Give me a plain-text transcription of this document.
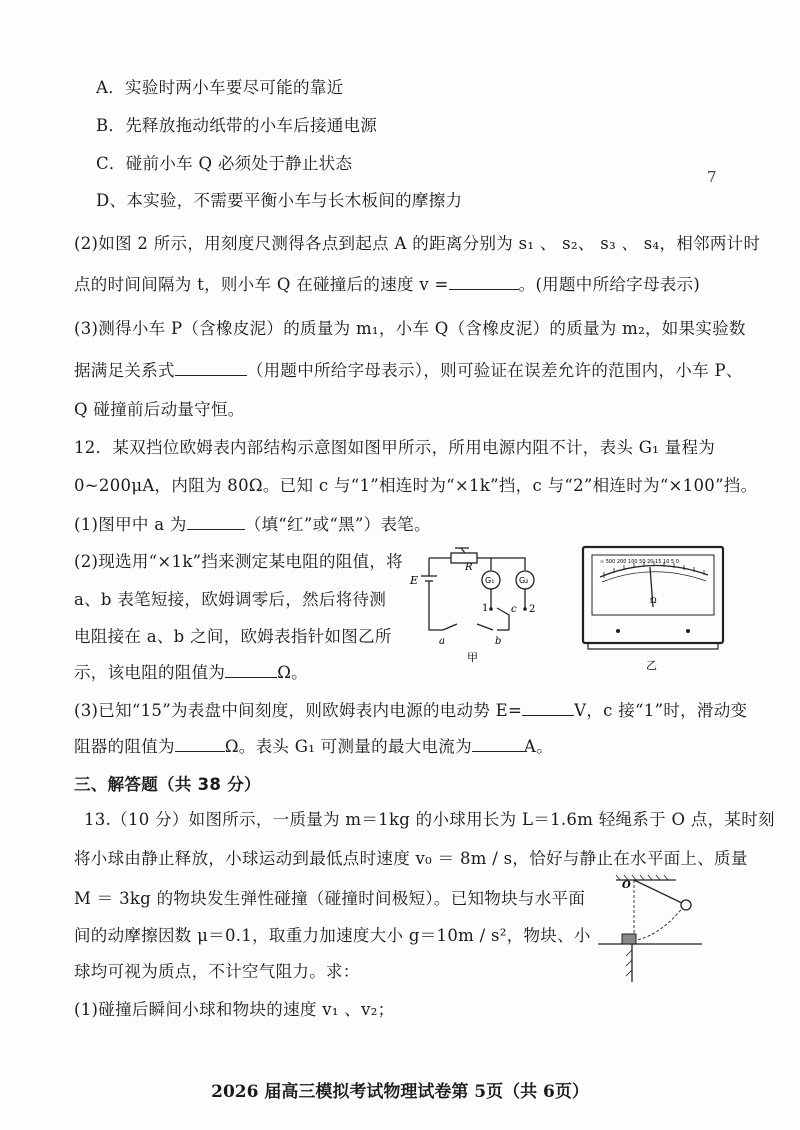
A．实验时两小车要尽可能的靠近
B．先释放拖动纸带的小车后接通电源
C．碰前小车 Q 必须处于静止状态
D、本实验，不需要平衡小车与长木板间的摩擦力
7
(2)如图 2 所示，用刻度尺测得各点到起点 A 的距离分别为 s₁ 、 s₂、 s₃ 、 s₄，相邻两计时
点的时间间隔为 t，则小车 Q 在碰撞后的速度 v =	。(用题中所给字母表示)
(3)测得小车 P（含橡皮泥）的质量为 m₁，小车 Q（含橡皮泥）的质量为 m₂，如果实验数
据满足关系式	（用题中所给字母表示），则可验证在误差允许的范围内，小车 P、
Q 碰撞前后动量守恒。
12．某双挡位欧姆表内部结构示意图如图甲所示，所用电源内阻不计，表头 G₁ 量程为
0~200μA，内阻为 80Ω。已知 c 与“1”相连时为“×1k”挡，c 与“2”相连时为“×100”挡。
(1)图甲中 a 为	（填“红”或“黑”）表笔。
(2)现选用“×1k”挡来测定某电阻的阻值，将
a、b 表笔短接，欧姆调零后，然后将待测
电阻接在 a、b 之间，欧姆表指针如图乙所
示，该电阻的阻值为	Ω。
(3)已知“15”为表盘中间刻度，则欧姆表内电源的电动势 E=	V，c 接“1”时，滑动变
阻器的阻值为	Ω。表头 G₁ 可测量的最大电流为	A。
E
R
G₁	G₂
1 c 2
a	b
甲
∞ 500 200 100 50 20 15 10 5 0
Ω
乙
三、解答题（共 38 分）
13.（10 分）如图所示，一质量为 m＝1kg 的小球用长为 L＝1.6m 轻绳系于 O 点，某时刻
将小球由静止释放，小球运动到最低点时速度 v₀ ＝ 8m / s，恰好与静止在水平面上、质量
M ＝ 3kg 的物块发生弹性碰撞（碰撞时间极短）。已知物块与水平面
间的动摩擦因数 μ＝0.1，取重力加速度大小 g＝10m / s²，物块、小
球均可视为质点，不计空气阻力。求：
(1)碰撞后瞬间小球和物块的速度 v₁ 、v₂；
O
2026 届高三模拟考试物理试卷第 5页（共 6页）
